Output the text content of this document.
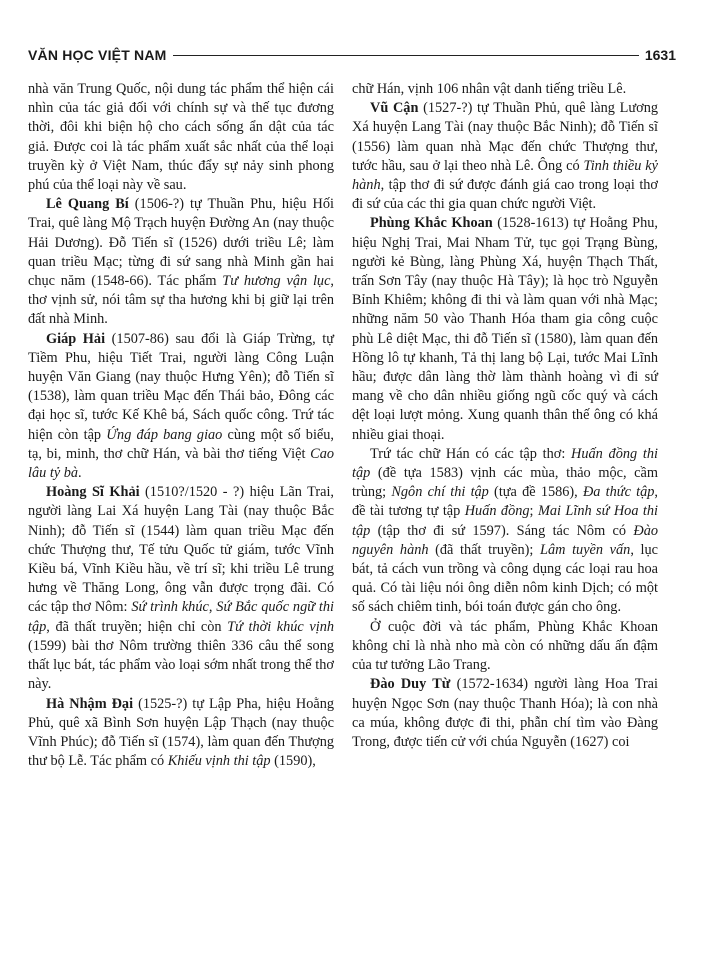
VĂN HỌC VIỆT NAM	1631

nhà văn Trung Quốc, nội dung tác phẩm thể hiện cái nhìn của tác giả đối với chính sự và thế tục đương thời, đôi khi biện hộ cho cách sống ẩn dật của tác giả. Được coi là tác phẩm xuất sắc nhất của thể loại truyền kỳ ở Việt Nam, thúc đẩy sự nảy sinh phong phú của thể loại này về sau.

Lê Quang Bí (1506-?) tự Thuần Phu, hiệu Hối Trai, quê làng Mộ Trạch huyện Đường An (nay thuộc Hải Dương). Đỗ Tiến sĩ (1526) dưới triều Lê; làm quan triều Mạc; từng đi sứ sang nhà Minh gần hai chục năm (1548-66). Tác phẩm Tư hương vận lục, thơ vịnh sử, nói tâm sự tha hương khi bị giữ lại trên đất nhà Minh.

Giáp Hải (1507-86) sau đổi là Giáp Trừng, tự Tiềm Phu, hiệu Tiết Trai, người làng Công Luận huyện Văn Giang (nay thuộc Hưng Yên); đỗ Tiến sĩ (1538), làm quan triều Mạc đến Thái bảo, Đông các đại học sĩ, tước Kế Khê bá, Sách quốc công. Trứ tác hiện còn tập Ứng đáp bang giao cùng một số biểu, tạ, bi, minh, thơ chữ Hán, và bài thơ tiếng Việt Cao lâu tỷ bà.

Hoàng Sĩ Khải (1510?/1520 - ?) hiệu Lãn Trai, người làng Lai Xá huyện Lang Tài (nay thuộc Bắc Ninh); đỗ Tiến sĩ (1544) làm quan triều Mạc đến chức Thượng thư, Tế tửu Quốc tử giám, tước Vĩnh Kiều bá, Vĩnh Kiều hầu, về trí sĩ; khi triều Lê trung hưng về Thăng Long, ông vẫn được trọng đãi. Có các tập thơ Nôm: Sứ trình khúc, Sứ Bắc quốc ngữ thi tập, đã thất truyền; hiện chỉ còn Tứ thời khúc vịnh (1599) bài thơ Nôm trường thiên 336 câu thể song thất lục bát, tác phẩm vào loại sớm nhất trong thể thơ này.

Hà Nhậm Đại (1525-?) tự Lập Pha, hiệu Hoằng Phủ, quê xã Bình Sơn huyện Lập Thạch (nay thuộc Vĩnh Phúc); đỗ Tiến sĩ (1574), làm quan đến Thượng thư bộ Lễ. Tác phẩm có Khiếu vịnh thi tập (1590),

chữ Hán, vịnh 106 nhân vật danh tiếng triều Lê.

Vũ Cận (1527-?) tự Thuần Phủ, quê làng Lương Xá huyện Lang Tài (nay thuộc Bắc Ninh); đỗ Tiến sĩ (1556) làm quan nhà Mạc đến chức Thượng thư, tước hầu, sau ở lại theo nhà Lê. Ông có Tinh thiều kỷ hành, tập thơ đi sứ được đánh giá cao trong loại thơ đi sứ của các thi gia quan chức người Việt.

Phùng Khắc Khoan (1528-1613) tự Hoằng Phu, hiệu Nghị Trai, Mai Nham Tử, tục gọi Trạng Bùng, người kẻ Bùng, làng Phùng Xá, huyện Thạch Thất, trấn Sơn Tây (nay thuộc Hà Tây); là học trò Nguyễn Bỉnh Khiêm; không đi thi và làm quan với nhà Mạc; những năm 50 vào Thanh Hóa tham gia công cuộc phù Lê diệt Mạc, thi đỗ Tiến sĩ (1580), làm quan đến Hồng lô tự khanh, Tả thị lang bộ Lại, tước Mai Lĩnh hầu; được dân làng thờ làm thành hoàng vì đi sứ mang về cho dân nhiều giống ngũ cốc quý và cách dệt loại lượt mỏng. Xung quanh thân thế ông có khá nhiều giai thoại.

Trứ tác chữ Hán có các tập thơ: Huấn đồng thi tập (đề tựa 1583) vịnh các mùa, thảo mộc, cầm trùng; Ngôn chí thi tập (tựa đề 1586), Đa thức tập, đề tài tương tự tập Huấn đồng; Mai Lĩnh sứ Hoa thi tập (tập thơ đi sứ 1597). Sáng tác Nôm có Đào nguyên hành (đã thất truyền); Lâm tuyền vấn, lục bát, tả cách vun trồng và công dụng các loại rau hoa quả. Có tài liệu nói ông diễn nôm kinh Dịch; có một số sách chiêm tinh, bói toán được gán cho ông.

Ở cuộc đời và tác phẩm, Phùng Khắc Khoan không chỉ là nhà nho mà còn có những dấu ấn đậm của tư tưởng Lão Trang.

Đào Duy Từ (1572-1634) người làng Hoa Trai huyện Ngọc Sơn (nay thuộc Thanh Hóa); là con nhà ca múa, không được đi thi, phẫn chí tìm vào Đàng Trong, được tiến cử với chúa Nguyễn (1627) coi
